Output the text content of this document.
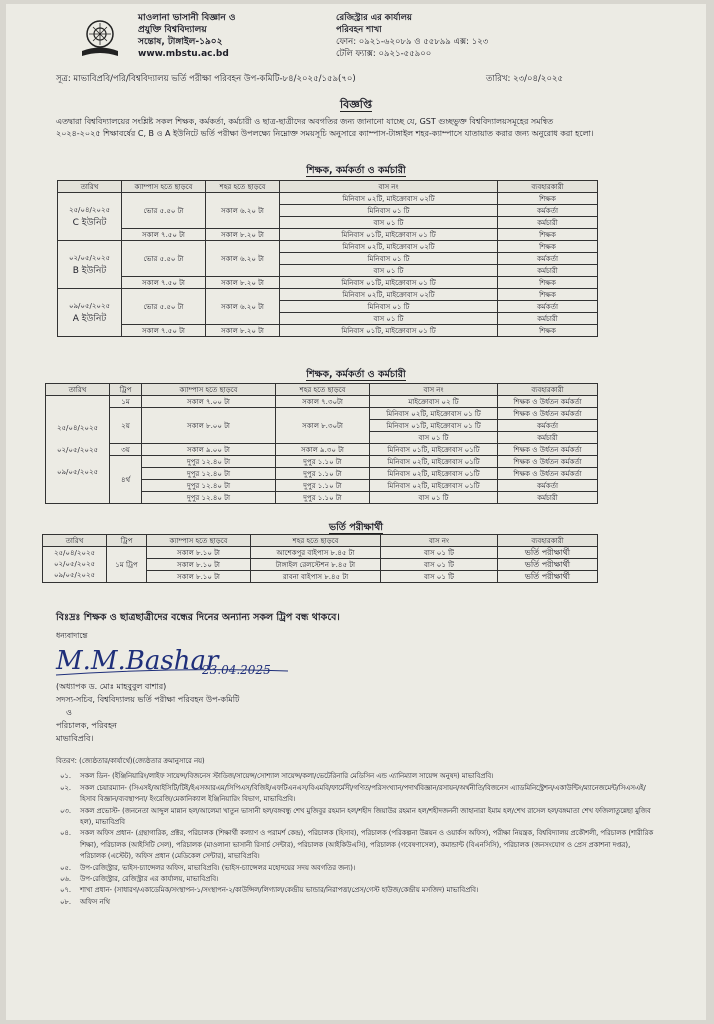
মাওলানা ভাসানী বিজ্ঞান ও
প্রযুক্তি বিশ্ববিদ্যালয়
সন্তোষ, টাঙ্গাইল-১৯০২
www.mbstu.ac.bd
রেজিস্ট্রার এর কার্যালয়
পরিবহন শাখা
ফোন: ০৯২১-৬২০৮৯ ও ৫৫৮৯৯ এক্স: ১২৩
টেলি ফ্যাক্স: ০৯২১-৫৫৯০০
সূত্র: মাভাবিপ্রবি/পরি/বিশ্ববিদ্যালয় ভর্তি পরীক্ষা পরিবহন উপ-কমিটি-৮৪/২০২৫/১৫৯(৭০)	তারিখ: ২৩/০৪/২০২৫
বিজ্ঞপ্তি
এতদ্বারা বিশ্ববিদ্যালয়ের সংশ্লিষ্ট সকল শিক্ষক, কর্মকর্তা, কর্মচারী ও ছাত্র-ছাত্রীদের অবগতির জন্য জানানো যাচ্ছে যে, GST গুচ্ছভুক্ত বিশ্ববিদ্যালয়সমূহের সমন্বিত ২০২৪-২০২৫ শিক্ষাবর্ষের C, B ও A ইউনিটে ভর্তি পরীক্ষা উপলক্ষ্যে নিম্নোক্ত সময়সূচি অনুসারে ক্যাম্পাস-টাঙ্গাইল শহর-ক্যাম্পাসে যাতায়াত করার জন্য অনুরোধ করা হলো।
শিক্ষক, কর্মকর্তা ও কর্মচারী
তারিখ	ক্যাম্পাস হতে ছাড়বে	শহর হতে ছাড়বে	বাস নং	ব্যবহারকারী

২৫/০৪/২০২৫
C ইউনিট	ভোর ৫.৫০ টা	সকাল ৬.২০ টা	মিনিবাস ০২টি, মাইক্রোবাস ০২টি	শিক্ষক
			মিনিবাস ০১ টি	কর্মকর্তা
			বাস ০১ টি	কর্মচারী
	সকাল ৭.৫০ টা	সকাল ৮.২০ টা	মিনিবাস ০১টি, মাইক্রোবাস ০১ টি	শিক্ষক

০২/০৫/২০২৫
B ইউনিট	ভোর ৫.৫০ টা	সকাল ৬.২০ টা	মিনিবাস ০২টি, মাইক্রোবাস ০২টি	শিক্ষক
			মিনিবাস ০১ টি	কর্মকর্তা
			বাস ০১ টি	কর্মচারী
	সকাল ৭.৫০ টা	সকাল ৮.২০ টা	মিনিবাস ০১টি, মাইক্রোবাস ০১ টি	শিক্ষক

০৯/০৫/২০২৫
A ইউনিট	ভোর ৫.৫০ টা	সকাল ৬.২০ টা	মিনিবাস ০২টি, মাইক্রোবাস ০২টি	শিক্ষক
			মিনিবাস ০১ টি	কর্মকর্তা
			বাস ০১ টি	কর্মচারী
	সকাল ৭.৫০ টা	সকাল ৮.২০ টা	মিনিবাস ০১টি, মাইক্রোবাস ০১ টি	শিক্ষক
শিক্ষক, কর্মকর্তা ও কর্মচারী
তারিখ	ট্রিপ	ক্যাম্পাস হতে ছাড়বে	শহর হতে ছাড়বে	বাস নং	ব্যবহারকারী

২৫/০৪/২০২৫
০২/০৫/২০২৫
০৯/০৫/২০২৫	১ম	সকাল ৭.০০ টা	সকাল ৭.৩০টা	মাইক্রোবাস ০২ টি	শিক্ষক ও উর্ধতন কর্মকর্তা
	২য়	সকাল ৮.০০ টা	সকাল ৮.৩০টা	মিনিবাস ০২টি, মাইক্রোবাস ০১ টি	শিক্ষক ও উর্ধতন কর্মকর্তা
				মিনিবাস ০১টি, মাইক্রোবাস ০১ টি	কর্মকর্তা
				বাস ০১ টি	কর্মচারী
	৩য়	সকাল ৯.০০ টা	সকাল ৯.৩০ টা	মিনিবাস ০১টি, মাইক্রোবাস ০১টি	শিক্ষক ও উর্ধতন কর্মকর্তা
	৪র্থ	দুপুর ১২.৪০ টা	দুপুর ১.১০ টা	মিনিবাস ০২টি, মাইক্রোবাস ০১টি	শিক্ষক ও উর্ধতন কর্মকর্তা
		দুপুর ১২.৪০ টা	দুপুর ১.১০ টা	মিনিবাস ০২টি, মাইক্রোবাস ০১টি	শিক্ষক ও উর্ধতন কর্মকর্তা
		দুপুর ১২.৪০ টা	দুপুর ১.১০ টা	মিনিবাস ০২টি, মাইক্রোবাস ০১টি	কর্মকর্তা
		দুপুর ১২.৪০ টা	দুপুর ১.১০ টা	বাস ০১ টি	কর্মচারী
ভর্তি পরীক্ষার্থী
তারিখ	ট্রিপ	ক্যাম্পাস হতে ছাড়বে	শহর হতে ছাড়বে	বাস নং	ব্যবহারকারী

২৫/০৪/২০২৫
০২/০৫/২০২৫
০৯/০৫/২০২৫	১ম ট্রিপ	সকাল ৮.১০ টা	আশেকপুর বাইপাস ৮.৪৫ টা	বাস ০১ টি	ভর্তি পরীক্ষার্থী
		সকাল ৮.১০ টা	টাঙ্গাইল রেলস্টেশন ৮.৪৫ টা	বাস ০১ টি	ভর্তি পরীক্ষার্থী
		সকাল ৮.১০ টা	রাবনা বাইপাস ৮.৪৫ টা	বাস ০১ টি	ভর্তি পরীক্ষার্থী
বিঃদ্রঃ শিক্ষক ও ছাত্রছাত্রীদের বন্ধের দিনের অন্যান্য সকল ট্রিপ বন্ধ থাকবে।
ধন্যবাদান্তে
M.M.Bashar
23.04.2025
(অধ্যাপক ড. মোঃ মাহবুবুল বাশার)
সদস্য-সচিব, বিশ্ববিদ্যালয় ভর্তি পরীক্ষা পরিবহন উপ-কমিটি
ও
পরিচালক, পরিবহন
মাভাবিপ্রবি।
বিতরণ: (জ্যেষ্ঠতার/কার্যার্থে)(জ্যেষ্ঠতার ক্রমানুসারে নয়)
০১. সকল ডিন- (ইঞ্জিনিয়ারিং/লাইফ সায়েন্স/বিজনেস স্টাডিজ/সায়েন্স/সোশ্যাল সায়েন্স/কলা/ভেটেরিনারি মেডিসিন এন্ড এ্যানিম্যাল সায়েন্স অনুষদ) মাভাবিপ্রবি।
০২. সকল চেয়ারম্যান- (সিএসই/আইসিটি/টিই/ইএসআরএম/সিপিএস/বিজিই/এফটিএনএস/বিএমবি/ফার্মেসী/গণিত/পরিসংখ্যান/পদার্থবিজ্ঞান/রসায়ন/অর্থনীতি/বিজনেস এ্যাডমিনিস্ট্রেশন/একাউন্টিং/ম্যানেজমেন্ট/সিএসএই/হিসাব বিজ্ঞান/ব্যবস্থাপনা/ ইংরেজি/মেকানিক্যাল ইঞ্জিনিয়ারিং বিভাগ, মাভাবিপ্রবি।
০৩. সকল প্রভোস্ট- (জননেতা আব্দুল মান্নান হল/আলেমা খাতুন ভাসানী হল/বঙ্গবন্ধু শেখ মুজিবুর রহমান হল/শহীদ জিয়াউর রহমান হল/শহীদজননী জাহানারা ইমাম হল/শেখ রাসেল হল/বঙ্গমাতা শেখ ফজিলাতুন্নেছা মুজিব হল), মাভাবিপ্রবি
০৪. সকল অফিস প্রধান- (গ্রন্থাগারিক, প্রক্টর, পরিচালক (শিক্ষার্থী কল্যাণ ও পরামর্শ কেন্দ্র), পরিচালক (হিসাব), পরিচালক (পরিকল্পনা উন্নয়ন ও ওয়ার্কস অফিস), পরীক্ষা নিয়ন্ত্রক, বিশ্ববিদ্যালয় প্রকৌশলী, পরিচালক (শারীরিক শিক্ষা), পরিচালক (আইসিটি সেল), পরিচালক (মাওলানা ভাসানী রিসার্চ সেন্টার), পরিচালক (আইকিউএসি), পরিচালক (গবেষণাসেল), কমান্ডান্ট (বিএনসিসি), পরিচালক (জনসংযোগ ও প্রেস প্রকাশনা দপ্তর), পরিচালক (এস্টেট), অফিস প্রধান (মেডিকেল সেন্টার), মাভাবিপ্রবি।
০৫. উপ-রেজিস্ট্রার, ভাইস-চ্যান্সেলর অফিস, মাভাবিপ্রবি। (ভাইস-চ্যান্সেলর মহোদয়ের সদয় অবগতির জন্য)।
০৬. উপ-রেজিস্ট্রার, রেজিস্ট্রার এর কার্যালয়, মাভাবিপ্রবি।
০৭. শাখা প্রধান- (সাধারণ/একাডেমিক/সংস্থাপন-১/সংস্থাপন-২/কাউন্সিল/লিগ্যাল/কেন্দ্রীয় ভান্ডার/নিরাপত্তা/প্রেস/গেস্ট হাউজ/কেন্দ্রীয় মসজিদ) মাভাবিপ্রবি।
০৮. অফিস নথি
